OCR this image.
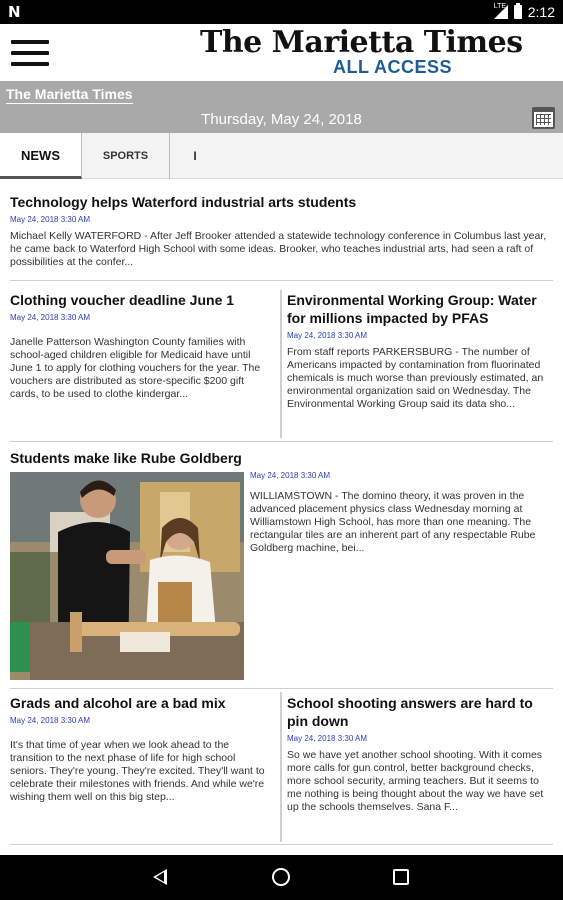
N	LTE 2:12
The Marietta Times
ALL ACCESS
The Marietta Times
Thursday, May 24, 2018
NEWS	SPORTS	I
Technology helps Waterford industrial arts students
May 24, 2018 3:30 AM
Michael Kelly WATERFORD - After Jeff Brooker attended a statewide technology conference in Columbus last year, he came back to Waterford High School with some ideas. Brooker, who teaches industrial arts, had seen a raft of possibilities at the confer...
Clothing voucher deadline June 1
May 24, 2018 3:30 AM
Janelle Patterson Washington County families with school-aged children eligible for Medicaid have until June 1 to apply for clothing vouchers for the year. The vouchers are distributed as store-specific $200 gift cards, to be used to clothe kindergar...
Environmental Working Group: Water for millions impacted by PFAS
May 24, 2018 3:30 AM
From staff reports PARKERSBURG - The number of Americans impacted by contamination from fluorinated chemicals is much worse than previously estimated, an environmental organization said on Wednesday. The Environmental Working Group said its data sho...
Students make like Rube Goldberg
May 24, 2018 3:30 AM
WILLIAMSTOWN - The domino theory, it was proven in the advanced placement physics class Wednesday morning at Williamstown High School, has more than one meaning. The rectangular tiles are an inherent part of any respectable Rube Goldberg machine, bei...
Grads and alcohol are a bad mix
May 24, 2018 3:30 AM
It's that time of year when we look ahead to the transition to the next phase of life for high school seniors. They're young. They're excited. They'll want to celebrate their milestones with friends. And while we're wishing them well on this big step...
School shooting answers are hard to pin down
May 24, 2018 3:30 AM
So we have yet another school shooting. With it comes more calls for gun control, better background checks, more school security, arming teachers. But it seems to me nothing is being thought about the way we have set up the schools themselves. Sana F...
